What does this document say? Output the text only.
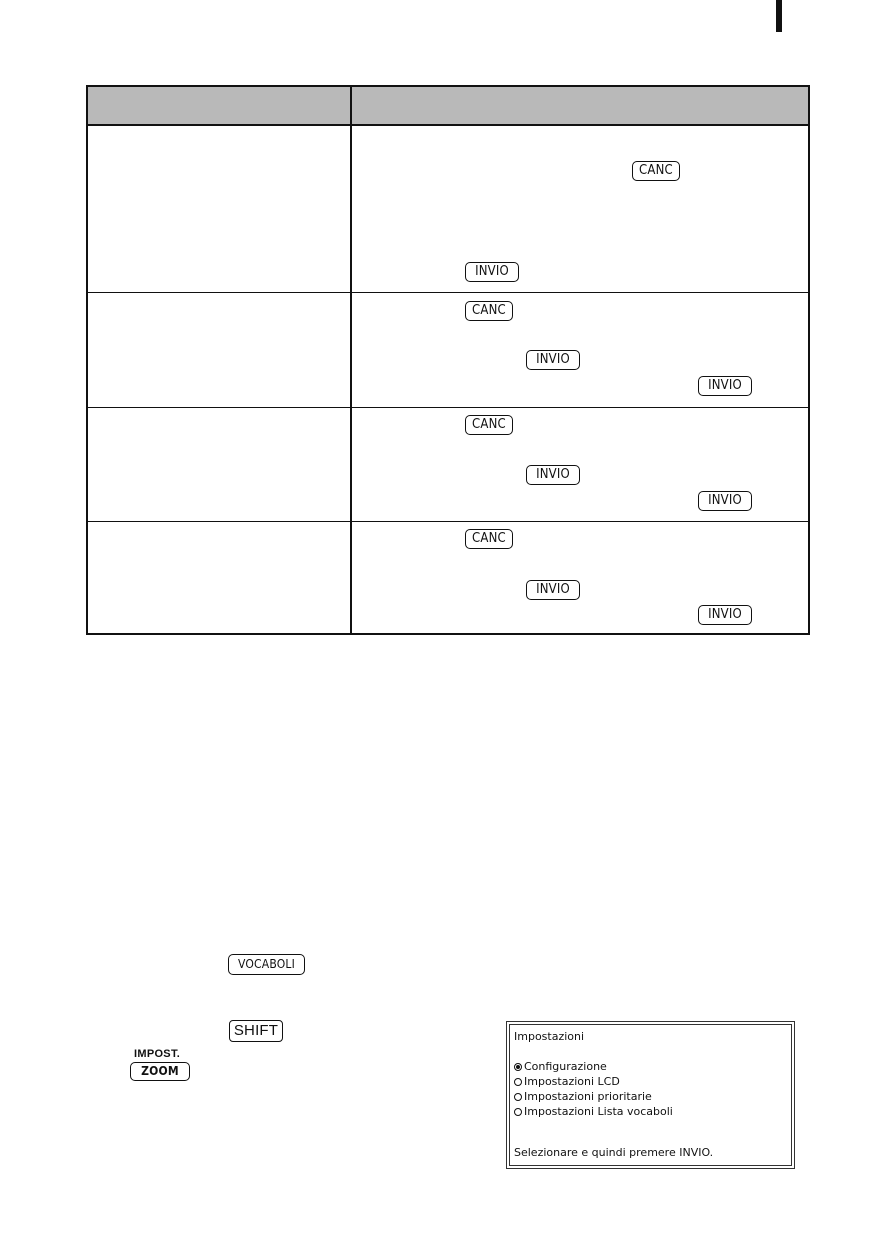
CANC
INVIO
CANC
INVIO
INVIO
CANC
INVIO
INVIO
CANC
INVIO
INVIO
VOCABOLI
SHIFT
IMPOST.
ZOOM
Impostazioni
Configurazione
Impostazioni LCD
Impostazioni prioritarie
Impostazioni Lista vocaboli
Selezionare e quindi premere INVIO.
